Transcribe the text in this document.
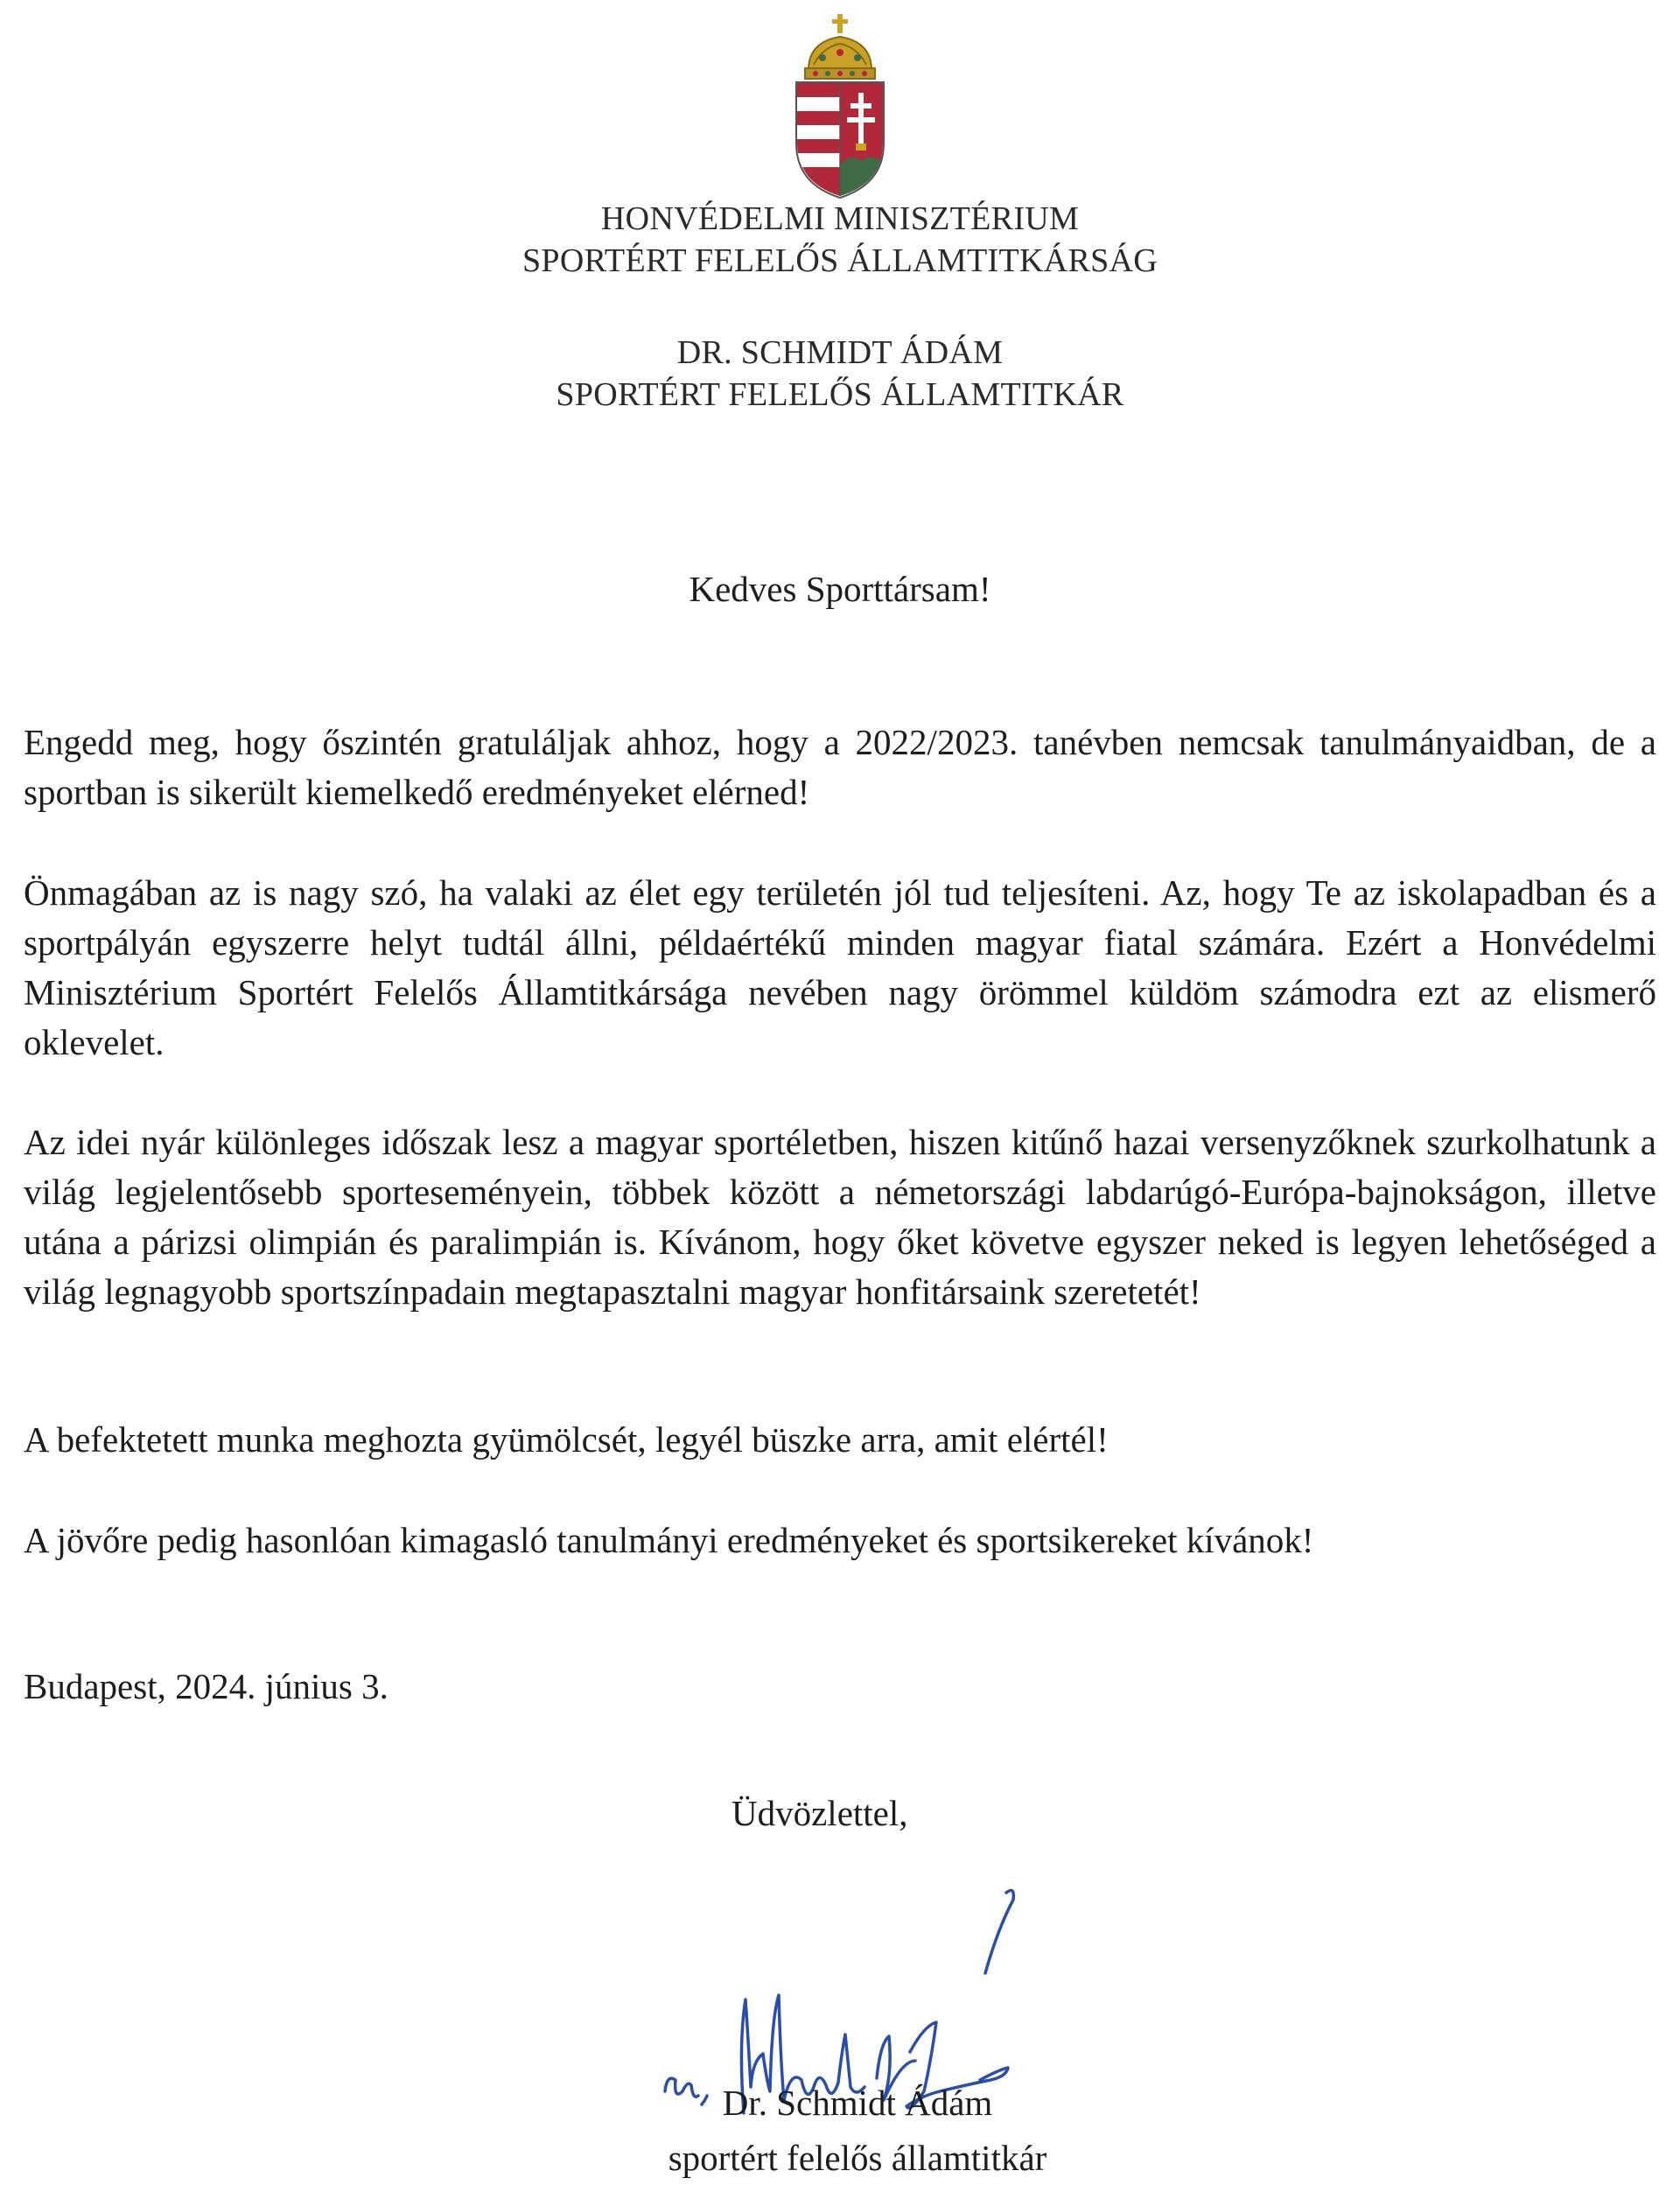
HONVÉDELMI MINISZTÉRIUM
SPORTÉRT FELELŐS ÁLLAMTITKÁRSÁG
DR. SCHMIDT ÁDÁM
SPORTÉRT FELELŐS ÁLLAMTITKÁR
Kedves Sporttársam!

Engedd meg, hogy őszintén gratuláljak ahhoz, hogy a 2022/2023. tanévben nemcsak tanulmányaidban, de a sportban is sikerült kiemelkedő eredményeket elérned!

Önmagában az is nagy szó, ha valaki az élet egy területén jól tud teljesíteni. Az, hogy Te az iskolapadban és a sportpályán egyszerre helyt tudtál állni, példaértékű minden magyar fiatal számára. Ezért a Honvédelmi Minisztérium Sportért Felelős Államtitkársága nevében nagy örömmel küldöm számodra ezt az elismerő oklevelet.

Az idei nyár különleges időszak lesz a magyar sportéletben, hiszen kitűnő hazai versenyzőknek szurkolhatunk a világ legjelentősebb sporteseményein, többek között a németországi labdarúgó-Európa-bajnokságon, illetve utána a párizsi olimpián és paralimpián is. Kívánom, hogy őket követve egyszer neked is legyen lehetőséged a világ legnagyobb sportszínpadain megtapasztalni magyar honfitársaink szeretetét!

A befektetett munka meghozta gyümölcsét, legyél büszke arra, amit elértél!

A jövőre pedig hasonlóan kimagasló tanulmányi eredményeket és sportsikereket kívánok!

Budapest, 2024. június 3.
Üdvözlettel,
Dr. Schmidt Ádám
sportért felelős államtitkár
